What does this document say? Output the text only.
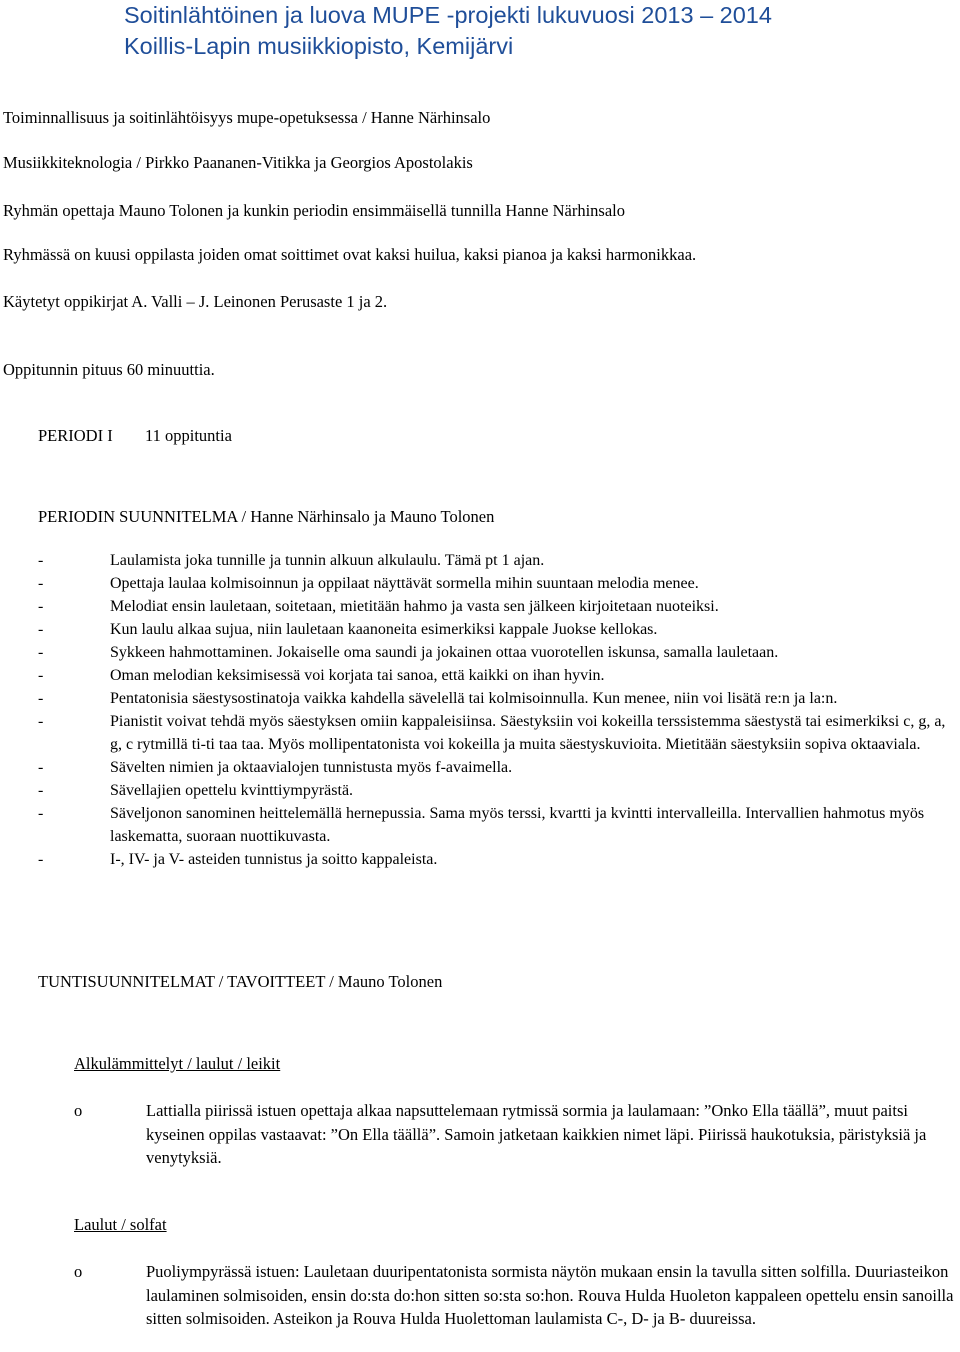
Soitinlähtöinen ja luova MUPE -projekti lukuvuosi 2013 – 2014
Koillis-Lapin musiikkiopisto, Kemijärvi
Toiminnallisuus ja soitinlähtöisyys mupe-opetuksessa / Hanne Närhinsalo
Musiikkiteknologia / Pirkko Paananen-Vitikka ja Georgios Apostolakis
Ryhmän opettaja Mauno Tolonen ja kunkin periodin ensimmäisellä tunnilla Hanne Närhinsalo
Ryhmässä on kuusi oppilasta joiden omat soittimet ovat kaksi huilua, kaksi pianoa ja kaksi harmonikkaa.
Käytetyt oppikirjat A. Valli – J. Leinonen Perusaste 1 ja 2.
Oppitunnin pituus 60 minuuttia.
PERIODI I 11 oppituntia
PERIODIN SUUNNITELMA / Hanne Närhinsalo ja Mauno Tolonen
-	Laulamista joka tunnille ja tunnin alkuun alkulaulu. Tämä pt 1 ajan.
-	Opettaja laulaa kolmisoinnun ja oppilaat näyttävät sormella mihin suuntaan melodia menee.
-	Melodiat ensin lauletaan, soitetaan, mietitään hahmo ja vasta sen jälkeen kirjoitetaan nuoteiksi.
-	Kun laulu alkaa sujua, niin lauletaan kaanoneita esimerkiksi kappale Juokse kellokas.
-	Sykkeen hahmottaminen. Jokaiselle oma saundi ja jokainen ottaa vuorotellen iskunsa, samalla lauletaan.
-	Oman melodian keksimisessä voi korjata tai sanoa, että kaikki on ihan hyvin.
-	Pentatonisia säestysostinatoja vaikka kahdella sävelellä tai kolmisoinnulla. Kun menee, niin voi lisätä re:n ja la:n.
-	Pianistit voivat tehdä myös säestyksen omiin kappaleisiinsa. Säestyksiin voi kokeilla terssistemma säestystä tai esimerkiksi c, g, a, g, c rytmillä ti-ti taa taa. Myös mollipentatonista voi kokeilla ja muita säestyskuvioita. Mietitään säestyksiin sopiva oktaaviala.
-	Sävelten nimien ja oktaavialojen tunnistusta myös f-avaimella.
-	Sävellajien opettelu kvinttiympyrästä.
-	Säveljonon sanominen heittelemällä hernepussia. Sama myös terssi, kvartti ja kvintti intervalleilla. Intervallien hahmotus myös laskematta, suoraan nuottikuvasta.
-	I-, IV- ja V- asteiden tunnistus ja soitto kappaleista.
TUNTISUUNNITELMAT / TAVOITTEET / Mauno Tolonen
Alkulämmittelyt / laulut / leikit
o	Lattialla piirissä istuen opettaja alkaa napsuttelemaan rytmissä sormia ja laulamaan: ”Onko Ella täällä”, muut paitsi kyseinen oppilas vastaavat: ”On Ella täällä”. Samoin jatketaan kaikkien nimet läpi. Piirissä haukotuksia, päristyksiä ja venytyksiä.
Laulut / solfat
o	Puoliympyrässä istuen: Lauletaan duuripentatonista sormista näytön mukaan ensin la tavulla sitten solfilla. Duuriasteikon laulaminen solmisoiden, ensin do:sta do:hon sitten so:sta so:hon. Rouva Hulda Huoleton kappaleen opettelu ensin sanoilla sitten solmisoiden. Asteikon ja Rouva Hulda Huolettoman laulamista C-, D- ja B- duureissa.
